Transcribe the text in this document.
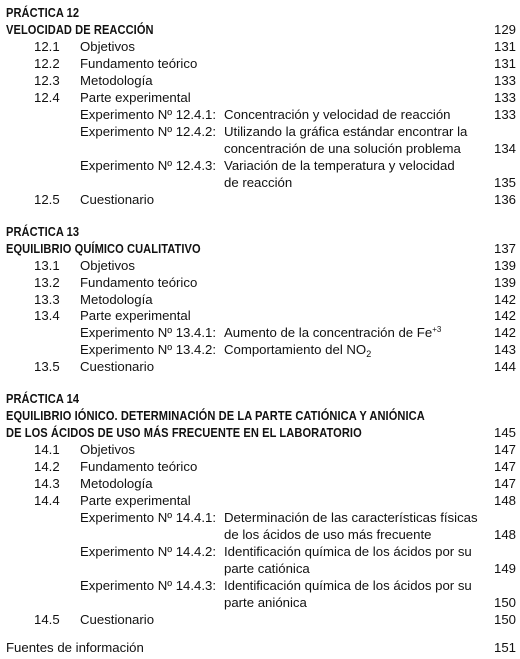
PRÁCTICA 12
VELOCIDAD DE REACCIÓN	129
12.1 Objetivos	131
12.2 Fundamento teórico	131
12.3 Metodología	133
12.4 Parte experimental	133
Experimento Nº 12.4.1: Concentración y velocidad de reacción	133
Experimento Nº 12.4.2: Utilizando la gráfica estándar encontrar la
concentración de una solución problema	134
Experimento Nº 12.4.3: Variación de la temperatura y velocidad
de reacción	135
12.5 Cuestionario	136
PRÁCTICA 13
EQUILIBRIO QUÍMICO CUALITATIVO	137
13.1 Objetivos	139
13.2 Fundamento teórico	139
13.3 Metodología	142
13.4 Parte experimental	142
Experimento Nº 13.4.1: Aumento de la concentración de $Fe^{+3}$	142
Experimento Nº 13.4.2: Comportamiento del $NO_2$	143
13.5 Cuestionario	144
PRÁCTICA 14
EQUILIBRIO IÓNICO. DETERMINACIÓN DE LA PARTE CATIÓNICA Y ANIÓNICA
DE LOS ÁCIDOS DE USO MÁS FRECUENTE EN EL LABORATORIO	145
14.1 Objetivos	147
14.2 Fundamento teórico	147
14.3 Metodología	147
14.4 Parte experimental	148
Experimento Nº 14.4.1: Determinación de las características físicas
de los ácidos de uso más frecuente	148
Experimento Nº 14.4.2: Identificación química de los ácidos por su
parte catiónica	149
Experimento Nº 14.4.3: Identificación química de los ácidos por su
parte aniónica	150
14.5 Cuestionario	150
Fuentes de información	151
